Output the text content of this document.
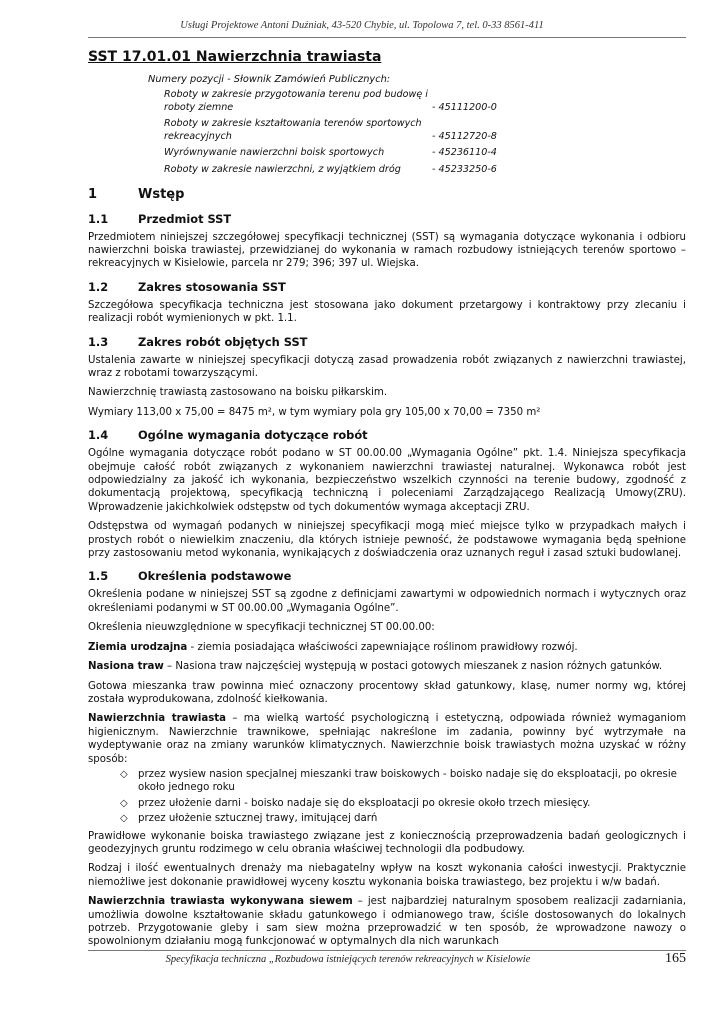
Usługi Projektowe Antoni Duźniak, 43-520 Chybie, ul. Topolowa 7, tel. 0-33 8561-411
SST 17.01.01 Nawierzchnia trawiasta
Numery pozycji - Słownik Zamówień Publicznych:
Roboty w zakresie przygotowania terenu pod budowę i roboty ziemne	- 45111200-0
Roboty w zakresie kształtowania terenów sportowych rekreacyjnych	- 45112720-8
Wyrównywanie nawierzchni boisk sportowych	- 45236110-4
Roboty w zakresie nawierzchni, z wyjątkiem dróg	- 45233250-6
1	Wstęp
1.1	Przedmiot SST

Przedmiotem niniejszej szczegółowej specyfikacji technicznej (SST) są wymagania dotyczące wykonania i odbioru nawierzchni boiska trawiastej, przewidzianej do wykonania w ramach rozbudowy istniejących terenów sportowo – rekreacyjnych w Kisielowie, parcela nr 279; 396; 397 ul. Wiejska.

1.2	Zakres stosowania SST

Szczegółowa specyfikacja techniczna jest stosowana jako dokument przetargowy i kontraktowy przy zlecaniu i realizacji robót wymienionych w pkt. 1.1.

1.3	Zakres robót objętych SST

Ustalenia zawarte w niniejszej specyfikacji dotyczą zasad prowadzenia robót związanych z nawierzchni trawiastej, wraz z robotami towarzyszącymi.

Nawierzchnię trawiastą zastosowano na boisku piłkarskim.

Wymiary 113,00 x 75,00 = 8475 m², w tym wymiary pola gry 105,00 x 70,00 = 7350 m²

1.4	Ogólne wymagania dotyczące robót

Ogólne wymagania dotyczące robót podano w ST 00.00.00 „Wymagania Ogólne” pkt. 1.4. Niniejsza specyfikacja obejmuje całość robót związanych z wykonaniem nawierzchni trawiastej naturalnej. Wykonawca robót jest odpowiedzialny za jakość ich wykonania, bezpieczeństwo wszelkich czynności na terenie budowy, zgodność z dokumentacją projektową, specyfikacją techniczną i poleceniami Zarządzającego Realizacją Umowy(ZRU). Wprowadzenie jakichkolwiek odstępstw od tych dokumentów wymaga akceptacji ZRU.

Odstępstwa od wymagań podanych w niniejszej specyfikacji mogą mieć miejsce tylko w przypadkach małych i prostych robót o niewielkim znaczeniu, dla których istnieje pewność, że podstawowe wymagania będą spełnione przy zastosowaniu metod wykonania, wynikających z doświadczenia oraz uznanych reguł i zasad sztuki budowlanej.

1.5	Określenia podstawowe

Określenia podane w niniejszej SST są zgodne z definicjami zawartymi w odpowiednich normach i wytycznych oraz określeniami podanymi w ST 00.00.00 „Wymagania Ogólne”.

Określenia nieuwzględnione w specyfikacji technicznej ST 00.00.00:

Ziemia urodzajna - ziemia posiadająca właściwości zapewniające roślinom prawidłowy rozwój.

Nasiona traw – Nasiona traw najczęściej występują w postaci gotowych mieszanek z nasion różnych gatunków.

Gotowa mieszanka traw powinna mieć oznaczony procentowy skład gatunkowy, klasę, numer normy wg, której została wyprodukowana, zdolność kiełkowania.

Nawierzchnia trawiasta – ma wielką wartość psychologiczną i estetyczną, odpowiada również wymaganiom higienicznym. Nawierzchnie trawnikowe, spełniając nakreślone im zadania, powinny być wytrzymałe na wydeptywanie oraz na zmiany warunków klimatycznych. Nawierzchnie boisk trawiastych można uzyskać w różny sposób:

◇ przez wysiew nasion specjalnej mieszanki traw boiskowych - boisko nadaje się do eksploatacji, po okresie około jednego roku
◇ przez ułożenie darni - boisko nadaje się do eksploatacji po okresie około trzech miesięcy.
◇ przez ułożenie sztucznej trawy, imitującej darń

Prawidłowe wykonanie boiska trawiastego związane jest z koniecznością przeprowadzenia badań geologicznych i geodezyjnych gruntu rodzimego w celu obrania właściwej technologii dla podbudowy.

Rodzaj i ilość ewentualnych drenaży ma niebagatelny wpływ na koszt wykonania całości inwestycji. Praktycznie niemożliwe jest dokonanie prawidłowej wyceny kosztu wykonania boiska trawiastego, bez projektu i w/w badań.

Nawierzchnia trawiasta wykonywana siewem – jest najbardziej naturalnym sposobem realizacji zadarniania, umożliwia dowolne kształtowanie składu gatunkowego i odmianowego traw, ściśle dostosowanych do lokalnych potrzeb. Przygotowanie gleby i sam siew można przeprowadzić w ten sposób, że wprowadzone nawozy o spowolnionym działaniu mogą funkcjonować w optymalnych dla nich warunkach

Specyfikacja techniczna „Rozbudowa istniejących terenów rekreacyjnych w Kisielowie	165
